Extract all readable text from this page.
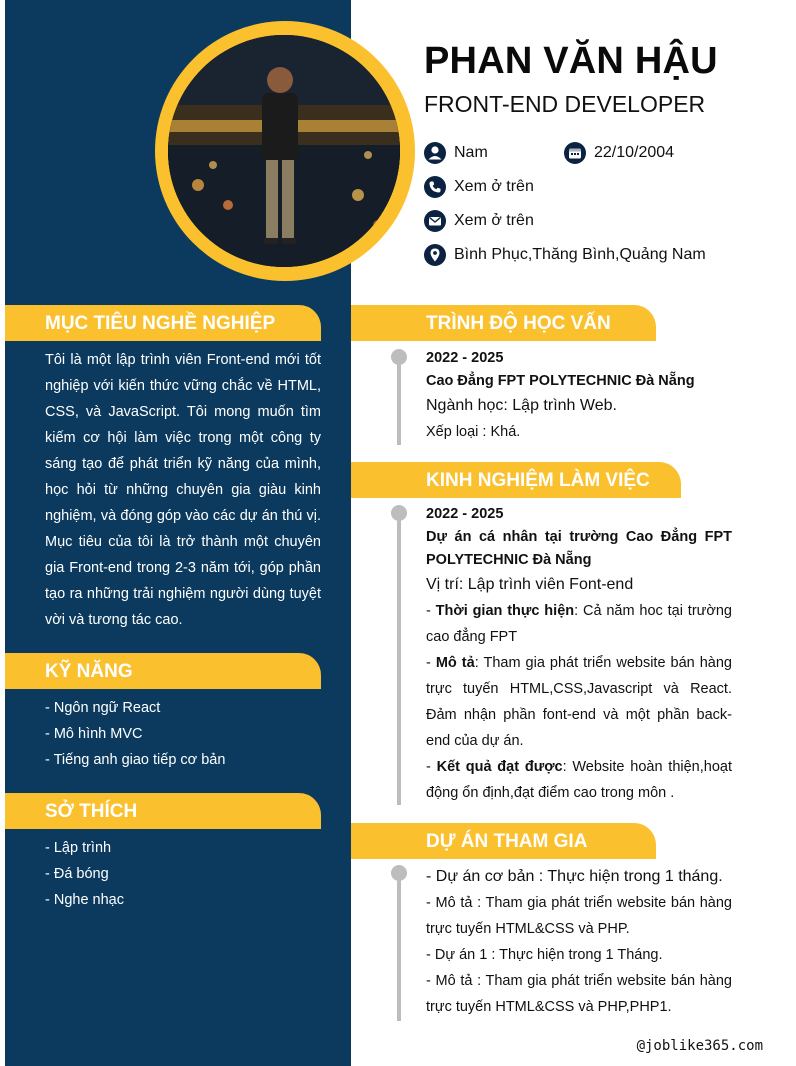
PHAN VĂN HẬU
FRONT-END DEVELOPER
Nam	22/10/2004
Xem ở trên
Xem ở trên
Bình Phục,Thăng Bình,Quảng Nam
MỤC TIÊU NGHỀ NGHIỆP
Tôi là một lập trình viên Front-end mới tốt nghiệp với kiến thức vững chắc về HTML, CSS, và JavaScript. Tôi mong muốn tìm kiếm cơ hội làm việc trong một công ty sáng tạo để phát triển kỹ năng của mình, học hỏi từ những chuyên gia giàu kinh nghiệm, và đóng góp vào các dự án thú vị. Mục tiêu của tôi là trở thành một chuyên gia Front-end trong 2-3 năm tới, góp phần tạo ra những trải nghiệm người dùng tuyệt vời và tương tác cao.
KỸ NĂNG
- Ngôn ngữ React
- Mô hình MVC
- Tiếng anh giao tiếp cơ bản
SỞ THÍCH
- Lập trình
- Đá bóng
- Nghe nhạc
TRÌNH ĐỘ HỌC VẤN
2022 - 2025
Cao Đẳng FPT POLYTECHNIC Đà Nẵng
Ngành học: Lập trình Web.
Xếp loại : Khá.
KINH NGHIỆM LÀM VIỆC
2022 - 2025
Dự án cá nhân tại trường Cao Đẳng FPT POLYTECHNIC Đà Nẵng
Vị trí: Lập trình viên Font-end
- Thời gian thực hiện: Cả năm hoc tại trường cao đẳng FPT
- Mô tả: Tham gia phát triển website bán hàng trực tuyến HTML,CSS,Javascript và React. Đảm nhận phần font-end và một phần back-end của dự án.
- Kết quả đạt được: Website hoàn thiện,hoạt động ổn định,đạt điểm cao trong môn .
DỰ ÁN THAM GIA
- Dự án cơ bản : Thực hiện trong 1 tháng.
- Mô tả : Tham gia phát triển website bán hàng trực tuyến HTML&CSS và PHP.
- Dự án 1 : Thực hiện trong 1 Tháng.
- Mô tả : Tham gia phát triển website bán hàng trực tuyến HTML&CSS và PHP,PHP1.
@joblike365.com
